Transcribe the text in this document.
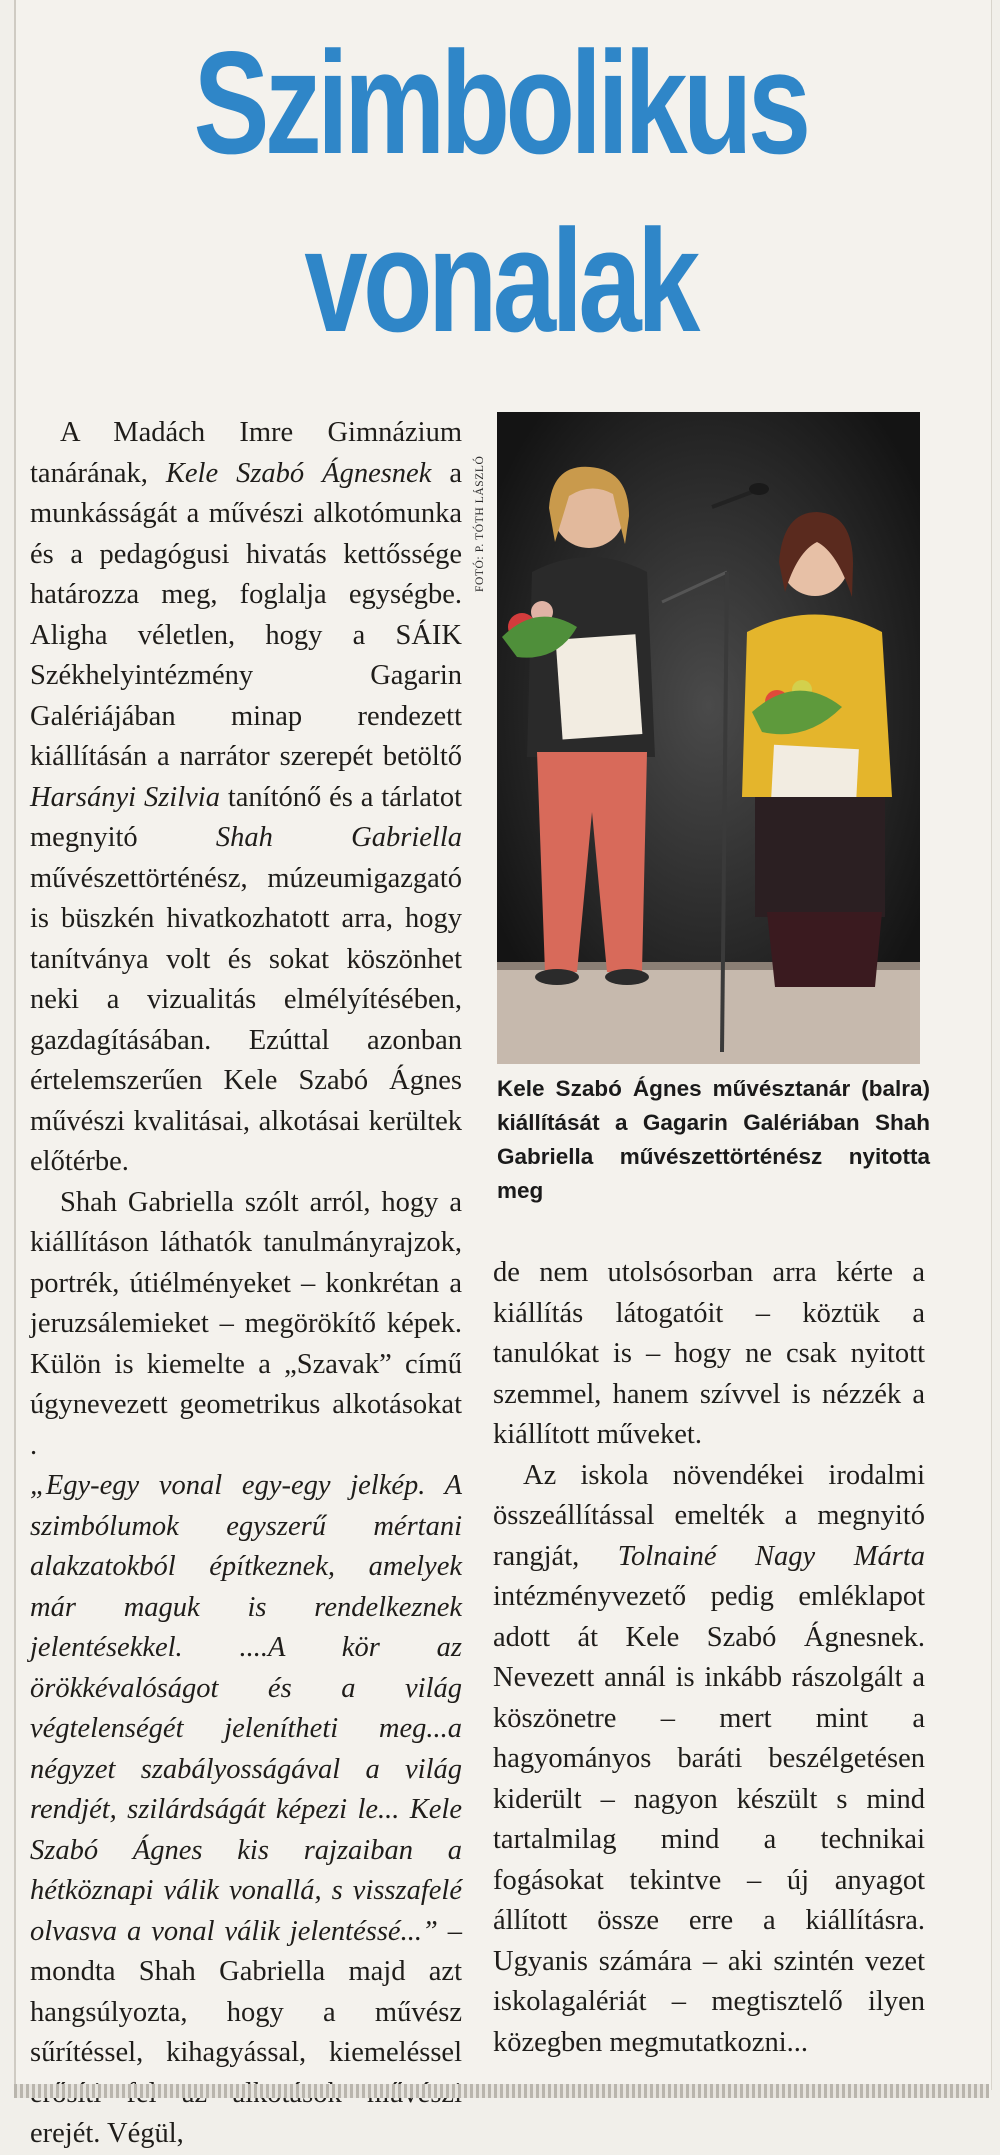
Szimbolikus
vonalak

A Madách Imre Gimnázium tanárának, Kele Szabó Ágnesnek a munkásságát a művészi alkotómunka és a pedagógusi hivatás kettőssége határozza meg, foglalja egységbe. Aligha véletlen, hogy a SÁIK Székhelyintézmény Gagarin Galériájában minap rendezett kiállításán a narrátor szerepét betöltő Harsányi Szilvia tanítónő és a tárlatot megnyitó Shah Gabriella művészettörténész, múzeumigazgató is büszkén hivatkozhatott arra, hogy tanítványa volt és sokat köszönhet neki a vizualitás elmélyítésében, gazdagításában. Ezúttal azonban értelemszerűen Kele Szabó Ágnes művészi kvalitásai, alkotásai kerültek előtérbe.

Shah Gabriella szólt arról, hogy a kiállításon láthatók tanulmányrajzok, portrék, útiélményeket – konkrétan a jeruzsálemieket – megörökítő képek. Külön is kiemelte a „Szavak” című úgynevezett geometrikus alkotásokat .

„Egy-egy vonal egy-egy jelkép. A szimbólumok egyszerű mértani alakzatokból építkeznek, amelyek már maguk is rendelkeznek jelentésekkel. ....A kör az örökkévalóságot és a világ végtelenségét jelenítheti meg...a négyzet szabályosságával a világ rendjét, szilárdságát képezi le... Kele Szabó Ágnes kis rajzaiban a hétköznapi válik vonallá, s visszafelé olvasva a vonal válik jelentéssé...” – mondta Shah Gabriella majd azt hangsúlyozta, hogy a művész sűrítéssel, kihagyással, kiemeléssel erejét. Végül,

FOTÓ: P. TÓTH LÁSZLÓ
Kele Szabó Ágnes művésztanár (balra) kiállítását a Gagarin Galériában Shah Gabriella művészettörténész nyitotta meg

de nem utolsósorban arra kérte a kiállítás látogatóit – köztük a tanulókat is – hogy ne csak nyitott szemmel, hanem szívvel is nézzék a kiállított műveket.

Az iskola növendékei irodalmi összeállítással emelték a megnyitó rangját, Tolnainé Nagy Márta intézményvezető pedig emléklapot adott át Kele Szabó Ágnesnek. Nevezett annál is inkább rászolgált a köszönetre – mert mint a hagyományos baráti beszélgetésen kiderült – nagyon készült s mind tartalmilag mind a technikai fogásokat tekintve – új anyagot állított össze erre a kiállításra. Ugyanis számára – aki szintén vezet iskolagalériát – megtisztelő ilyen közegben megmutatkozni...
